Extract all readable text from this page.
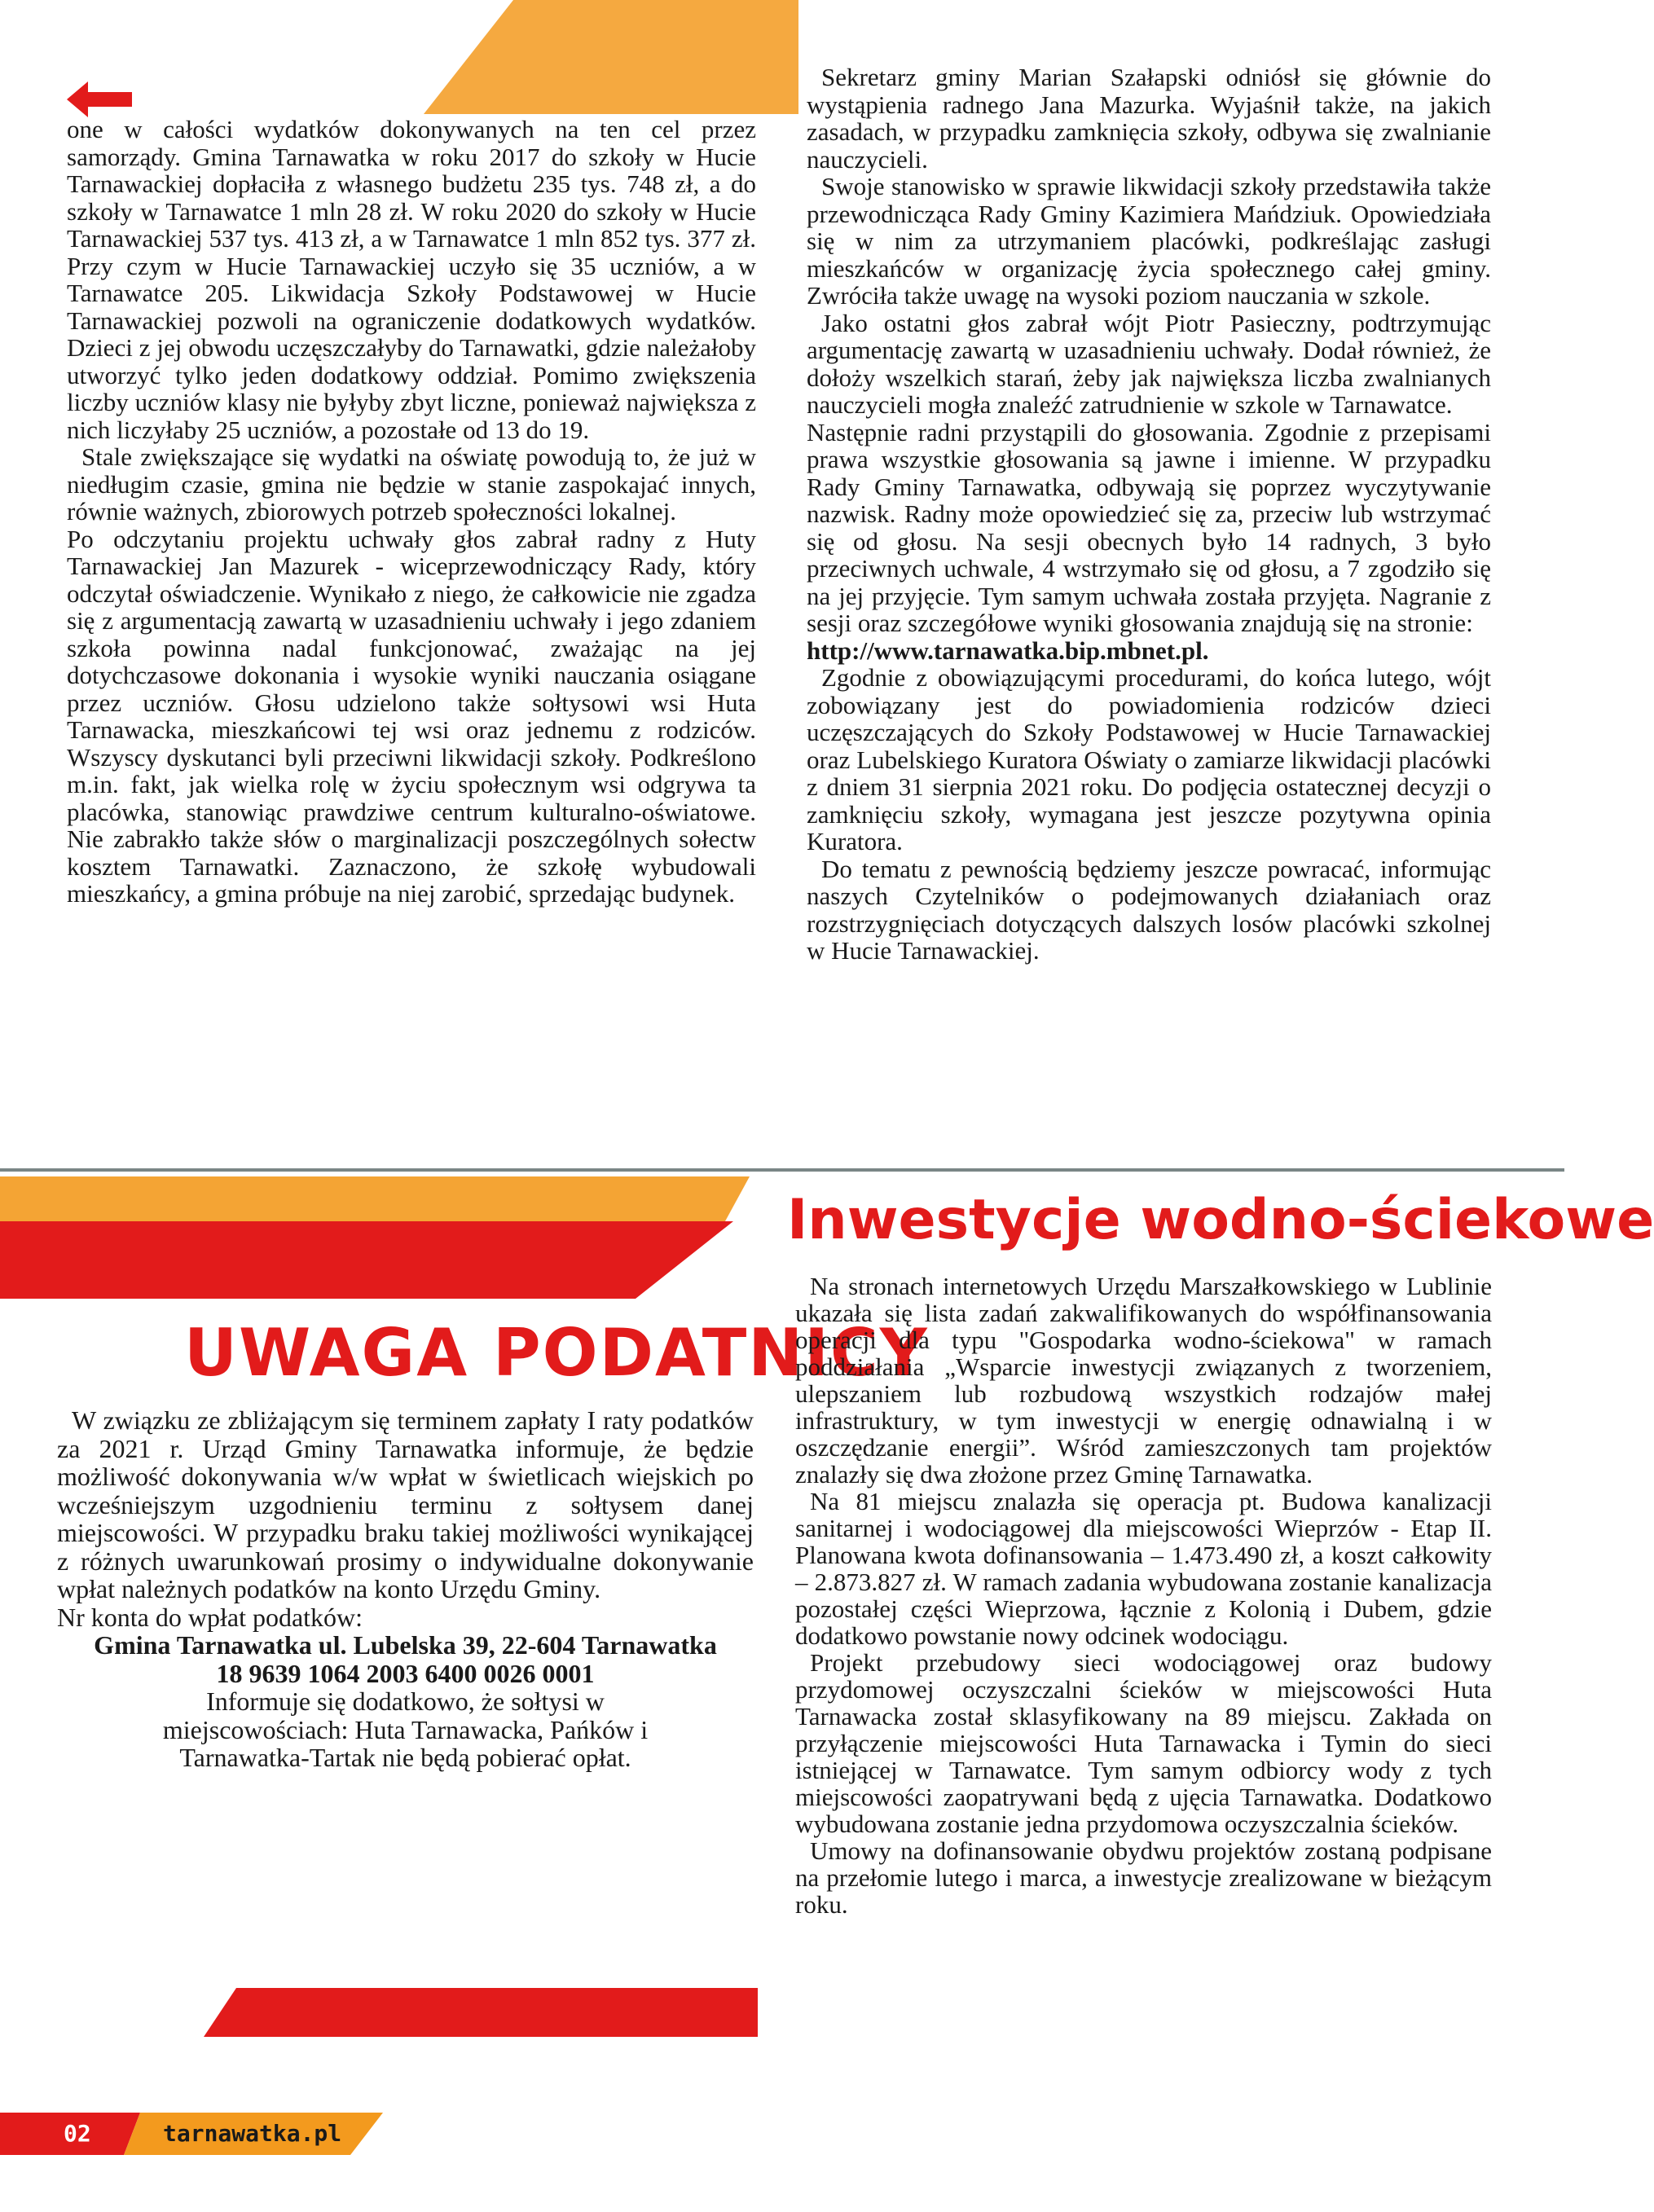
one w całości wydatków dokonywanych na ten cel przez samorządy. Gmina Tarnawatka w roku 2017 do szkoły w Hucie Tarnawackiej dopłaciła z własnego budżetu 235 tys. 748 zł, a do szkoły w Tarnawatce 1 mln 28 zł. W roku 2020 do szkoły w Hucie Tarnawackiej 537 tys. 413 zł, a w Tarnawatce 1 mln 852 tys. 377 zł. Przy czym w Hucie Tarnawackiej uczyło się 35 uczniów, a w Tarnawatce 205. Likwidacja Szkoły Podstawowej w Hucie Tarnawackiej pozwoli na ograniczenie dodatkowych wydatków. Dzieci z jej obwodu uczęszczałyby do Tarnawatki, gdzie należałoby utworzyć tylko jeden dodatkowy oddział. Pomimo zwiększenia liczby uczniów klasy nie byłyby zbyt liczne, ponieważ największa z nich liczyłaby 25 uczniów, a pozostałe od 13 do 19.

Stale zwiększające się wydatki na oświatę powodują to, że już w niedługim czasie, gmina nie będzie w stanie zaspokajać innych, równie ważnych, zbiorowych potrzeb społeczności lokalnej.

Po odczytaniu projektu uchwały głos zabrał radny z Huty Tarnawackiej Jan Mazurek - wiceprzewodniczący Rady, który odczytał oświadczenie. Wynikało z niego, że całkowicie nie zgadza się z argumentacją zawartą w uzasadnieniu uchwały i jego zdaniem szkoła powinna nadal funkcjonować, zważając na jej dotychczasowe dokonania i wysokie wyniki nauczania osiągane przez uczniów. Głosu udzielono także sołtysowi wsi Huta Tarnawacka, mieszkańcowi tej wsi oraz jednemu z rodziców. Wszyscy dyskutanci byli przeciwni likwidacji szkoły. Podkreślono m.in. fakt, jak wielka rolę w życiu społecznym wsi odgrywa ta placówka, stanowiąc prawdziwe centrum kulturalno-oświatowe. Nie zabrakło także słów o marginalizacji poszczególnych sołectw kosztem Tarnawatki. Zaznaczono, że szkołę wybudowali mieszkańcy, a gmina próbuje na niej zarobić, sprzedając budynek.

Sekretarz gminy Marian Szałapski odniósł się głównie do wystąpienia radnego Jana Mazurka. Wyjaśnił także, na jakich zasadach, w przypadku zamknięcia szkoły, odbywa się zwalnianie nauczycieli.

Swoje stanowisko w sprawie likwidacji szkoły przedstawiła także przewodnicząca Rady Gminy Kazimiera Mańdziuk. Opowiedziała się w nim za utrzymaniem placówki, podkreślając zasługi mieszkańców w organizację życia społecznego całej gminy. Zwróciła także uwagę na wysoki poziom nauczania w szkole.

Jako ostatni głos zabrał wójt Piotr Pasieczny, podtrzymując argumentację zawartą w uzasadnieniu uchwały. Dodał również, że dołoży wszelkich starań, żeby jak największa liczba zwalnianych nauczycieli mogła znaleźć zatrudnienie w szkole w Tarnawatce.

Następnie radni przystąpili do głosowania. Zgodnie z przepisami prawa wszystkie głosowania są jawne i imienne. W przypadku Rady Gminy Tarnawatka, odbywają się poprzez wyczytywanie nazwisk. Radny może opowiedzieć się za, przeciw lub wstrzymać się od głosu. Na sesji obecnych było 14 radnych, 3 było przeciwnych uchwale, 4 wstrzymało się od głosu, a 7 zgodziło się na jej przyjęcie. Tym samym uchwała została przyjęta. Nagranie z sesji oraz szczegółowe wyniki głosowania znajdują się na stronie:

http://www.tarnawatka.bip.mbnet.pl.

Zgodnie z obowiązującymi procedurami, do końca lutego, wójt zobowiązany jest do powiadomienia rodziców dzieci uczęszczających do Szkoły Podstawowej w Hucie Tarnawackiej oraz Lubelskiego Kuratora Oświaty o zamiarze likwidacji placówki z dniem 31 sierpnia 2021 roku. Do podjęcia ostatecznej decyzji o zamknięciu szkoły, wymagana jest jeszcze pozytywna opinia Kuratora.

Do tematu z pewnością będziemy jeszcze powracać, informując naszych Czytelników o podejmowanych działaniach oraz rozstrzygnięciach dotyczących dalszych losów placówki szkolnej w Hucie Tarnawackiej.

UWAGA PODATNICY

W związku ze zbliżającym się terminem zapłaty I raty podatków za 2021 r. Urząd Gminy Tarnawatka informuje, że będzie możliwość dokonywania w/w wpłat w świetlicach wiejskich po wcześniejszym uzgodnieniu terminu z sołtysem danej miejscowości. W przypadku braku takiej możliwości wynikającej z różnych uwarunkowań prosimy o indywidualne dokonywanie wpłat należnych podatków na konto Urzędu Gminy.

Nr konta do wpłat podatków:

Gmina Tarnawatka ul. Lubelska 39, 22-604 Tarnawatka

18 9639 1064 2003 6400 0026 0001

Informuje się dodatkowo, że sołtysi w miejscowościach: Huta Tarnawacka, Pańków i Tarnawatka-Tartak nie będą pobierać opłat.

Inwestycje wodno-ściekowe

Na stronach internetowych Urzędu Marszałkowskiego w Lublinie ukazała się lista zadań zakwalifikowanych do współfinansowania operacji dla typu "Gospodarka wodno-ściekowa" w ramach poddziałania „Wsparcie inwestycji związanych z tworzeniem, ulepszaniem lub rozbudową wszystkich rodzajów małej infrastruktury, w tym inwestycji w energię odnawialną i w oszczędzanie energii”. Wśród zamieszczonych tam projektów znalazły się dwa złożone przez Gminę Tarnawatka.

Na 81 miejscu znalazła się operacja pt. Budowa kanalizacji sanitarnej i wodociągowej dla miejscowości Wieprzów - Etap II. Planowana kwota dofinansowania – 1.473.490 zł, a koszt całkowity – 2.873.827 zł. W ramach zadania wybudowana zostanie kanalizacja pozostałej części Wieprzowa, łącznie z Kolonią i Dubem, gdzie dodatkowo powstanie nowy odcinek wodociągu.

Projekt przebudowy sieci wodociągowej oraz budowy przydomowej oczyszczalni ścieków w miejscowości Huta Tarnawacka został sklasyfikowany na 89 miejscu. Zakłada on przyłączenie miejscowości Huta Tarnawacka i Tymin do sieci istniejącej w Tarnawatce. Tym samym odbiorcy wody z tych miejscowości zaopatrywani będą z ujęcia Tarnawatka. Dodatkowo wybudowana zostanie jedna przydomowa oczyszczalnia ścieków.

Umowy na dofinansowanie obydwu projektów zostaną podpisane na przełomie lutego i marca, a inwestycje zrealizowane w bieżącym roku.

02	tarnawatka.pl
